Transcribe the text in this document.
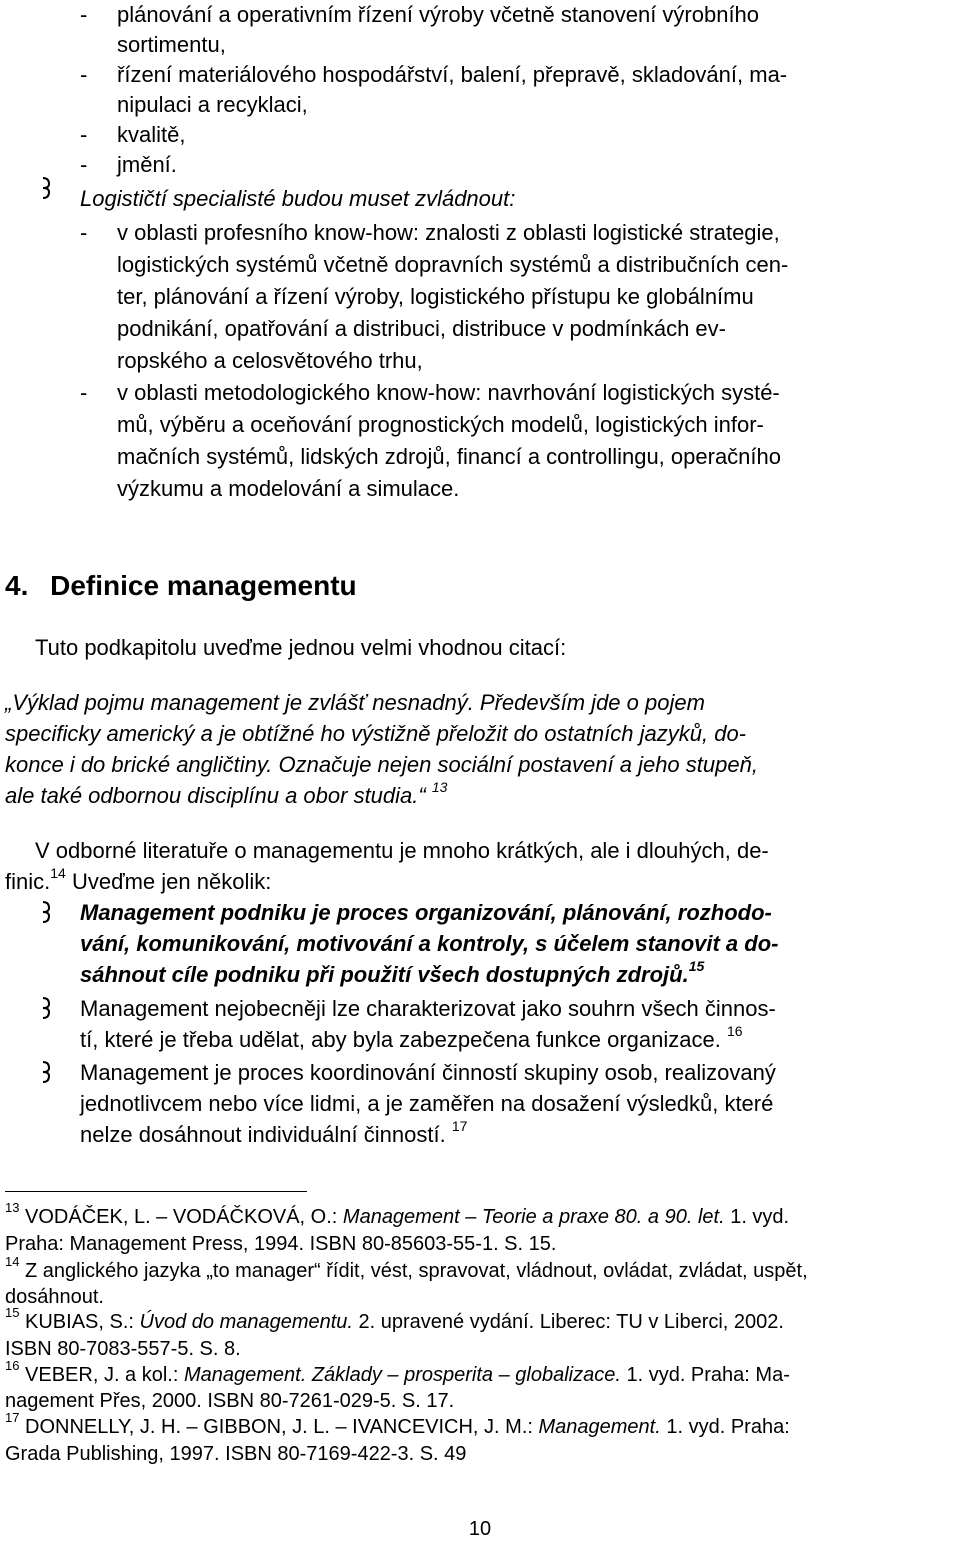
- plánování a operativním řízení výroby včetně stanovení výrobního
sortimentu,
- řízení materiálového hospodářství, balení, přepravě, skladování, ma-
nipulaci a recyklaci,
- kvalitě,
- jmění.
Logističtí specialisté budou muset zvládnout:
- v oblasti profesního know-how: znalosti z oblasti logistické strategie,
logistických systémů včetně dopravních systémů a distribučních cen-
ter, plánování a řízení výroby, logistického přístupu ke globálnímu
podnikání, opatřování a distribuci, distribuce v podmínkách ev-
ropského a celosvětového trhu,
- v oblasti metodologického know-how: navrhování logistických systé-
mů, výběru a oceňování prognostických modelů, logistických infor-
mačních systémů, lidských zdrojů, financí a controllingu, operačního
výzkumu a modelování a simulace.
4. Definice managementu
Tuto podkapitolu uveďme jednou velmi vhodnou citací:
„Výklad pojmu management je zvlášť nesnadný. Především jde o pojem
specificky americký a je obtížné ho výstižně přeložit do ostatních jazyků, do-
konce i do brické angličtiny. Označuje nejen sociální postavení a jeho stupeň,
ale také odbornou disciplínu a obor studia.“ $^{13}$
V odborné literatuře o managementu je mnoho krátkých, ale i dlouhých, de-
finic.$^{14}$ Uveďme jen několik:
Management podniku je proces organizování, plánování, rozhodo-
vání, komunikování, motivování a kontroly, s účelem stanovit a do-
sáhnout cíle podniku při použití všech dostupných zdrojů.$^{15}$
Management nejobecněji lze charakterizovat jako souhrn všech činnos-
tí, které je třeba udělat, aby byla zabezpečena funkce organizace. $^{16}$
Management je proces koordinování činností skupiny osob, realizovaný
jednotlivcem nebo více lidmi, a je zaměřen na dosažení výsledků, které
nelze dosáhnout individuální činností. $^{17}$
$^{13}$ VODÁČEK, L. – VODÁČKOVÁ, O.: Management – Teorie a praxe 80. a 90. let. 1. vyd.
Praha: Management Press, 1994. ISBN 80-85603-55-1. S. 15.
$^{14}$ Z anglického jazyka „to manager“ řídit, vést, spravovat, vládnout, ovládat, zvládat, uspět,
dosáhnout.
$^{15}$ KUBIAS, S.: Úvod do managementu. 2. upravené vydání. Liberec: TU v Liberci, 2002.
ISBN 80-7083-557-5. S. 8.
$^{16}$ VEBER, J. a kol.: Management. Základy – prosperita – globalizace. 1. vyd. Praha: Ma-
nagement Přes, 2000. ISBN 80-7261-029-5. S. 17.
$^{17}$ DONNELLY, J. H. – GIBBON, J. L. – IVANCEVICH, J. M.: Management. 1. vyd. Praha:
Grada Publishing, 1997. ISBN 80-7169-422-3. S. 49
10
